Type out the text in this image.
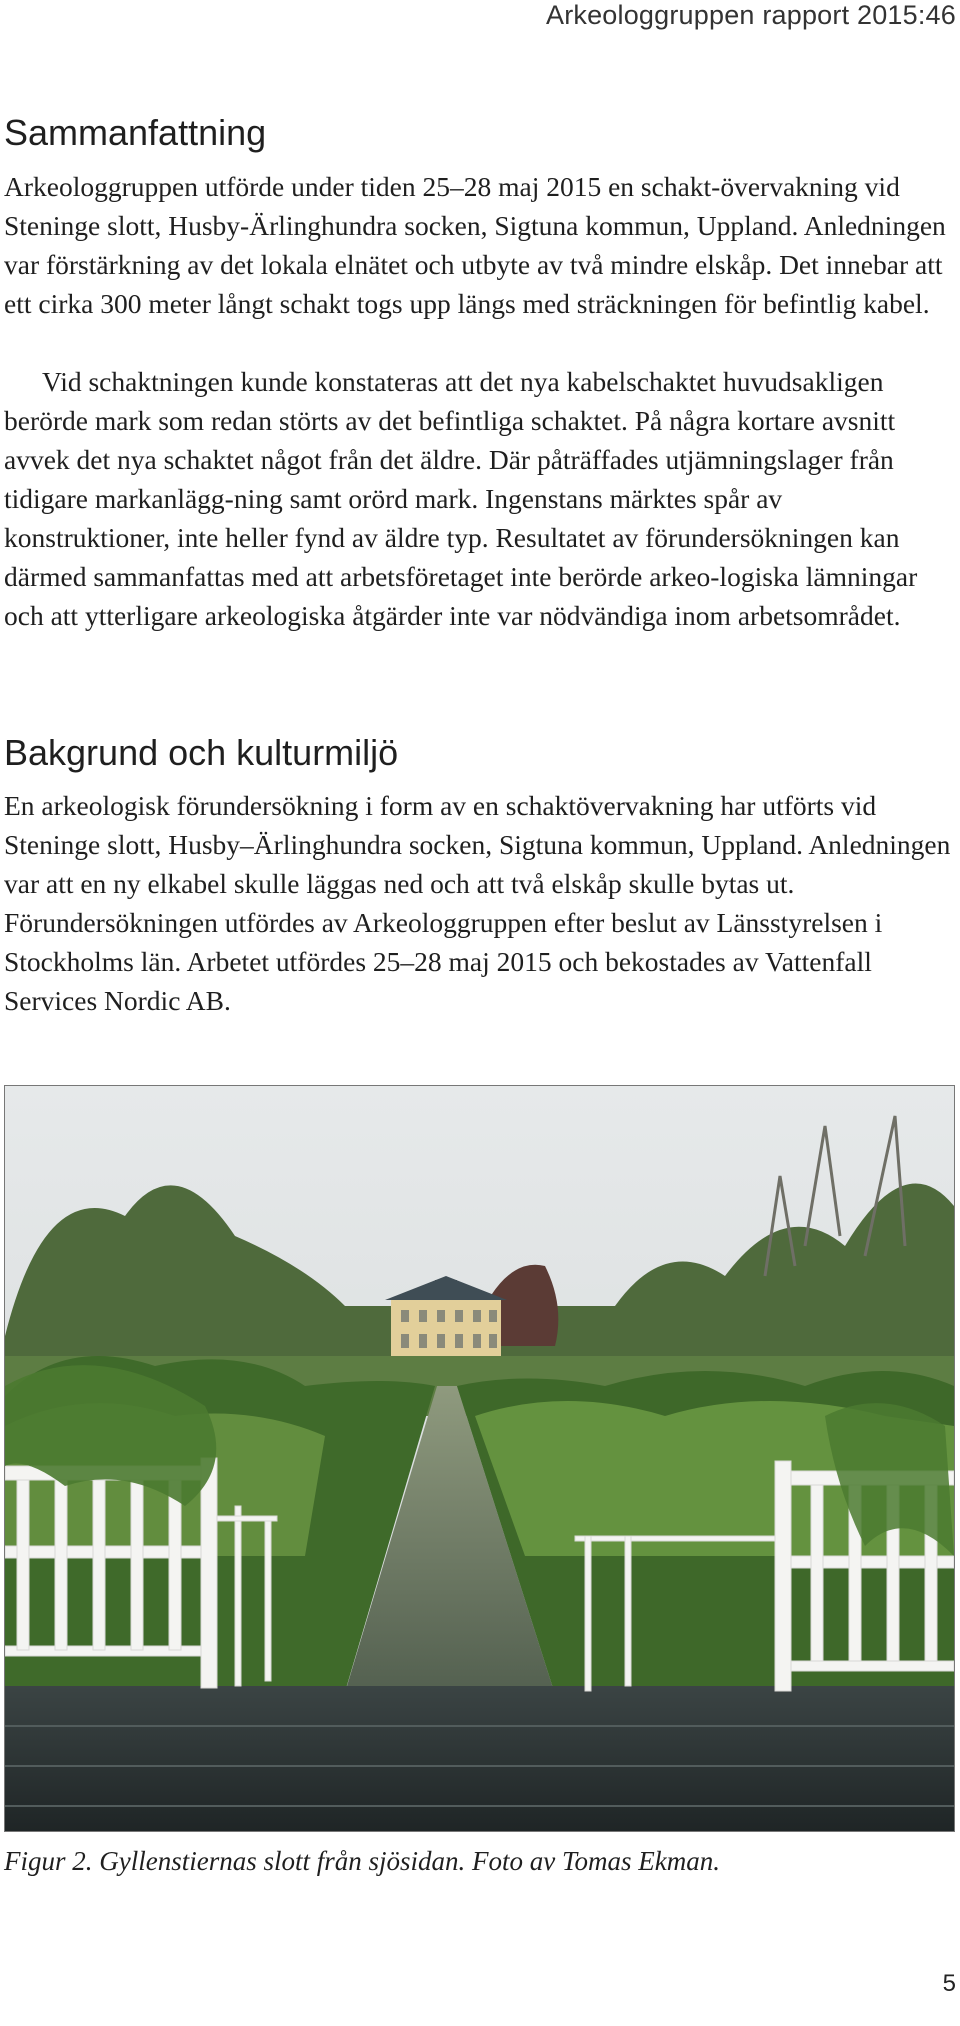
Arkeologgruppen rapport 2015:46
Sammanfattning

Arkeologgruppen utförde under tiden 25–28 maj 2015 en schakt-övervakning vid Steninge slott, Husby-Ärlinghundra socken, Sigtuna kommun, Uppland. Anledningen var förstärkning av det lokala elnätet och utbyte av två mindre elskåp. Det innebar att ett cirka 300 meter långt schakt togs upp längs med sträckningen för befintlig kabel.

Vid schaktningen kunde konstateras att det nya kabelschaktet huvudsakligen berörde mark som redan störts av det befintliga schaktet. På några kortare avsnitt avvek det nya schaktet något från det äldre. Där påträffades utjämningslager från tidigare markanlägg-ning samt orörd mark. Ingenstans märktes spår av konstruktioner, inte heller fynd av äldre typ. Resultatet av förundersökningen kan därmed sammanfattas med att arbetsföretaget inte berörde arkeo-logiska lämningar och att ytterligare arkeologiska åtgärder inte var nödvändiga inom arbetsområdet.

Bakgrund och kulturmiljö

En arkeologisk förundersökning i form av en schaktövervakning har utförts vid Steninge slott, Husby–Ärlinghundra socken, Sigtuna kommun, Uppland. Anledningen var att en ny elkabel skulle läggas ned och att två elskåp skulle bytas ut. Förundersökningen utfördes av Arkeologgruppen efter beslut av Länsstyrelsen i Stockholms län. Arbetet utfördes 25–28 maj 2015 och bekostades av Vattenfall Services Nordic AB.

Figur 2. Gyllenstiernas slott från sjösidan. Foto av Tomas Ekman.

5
